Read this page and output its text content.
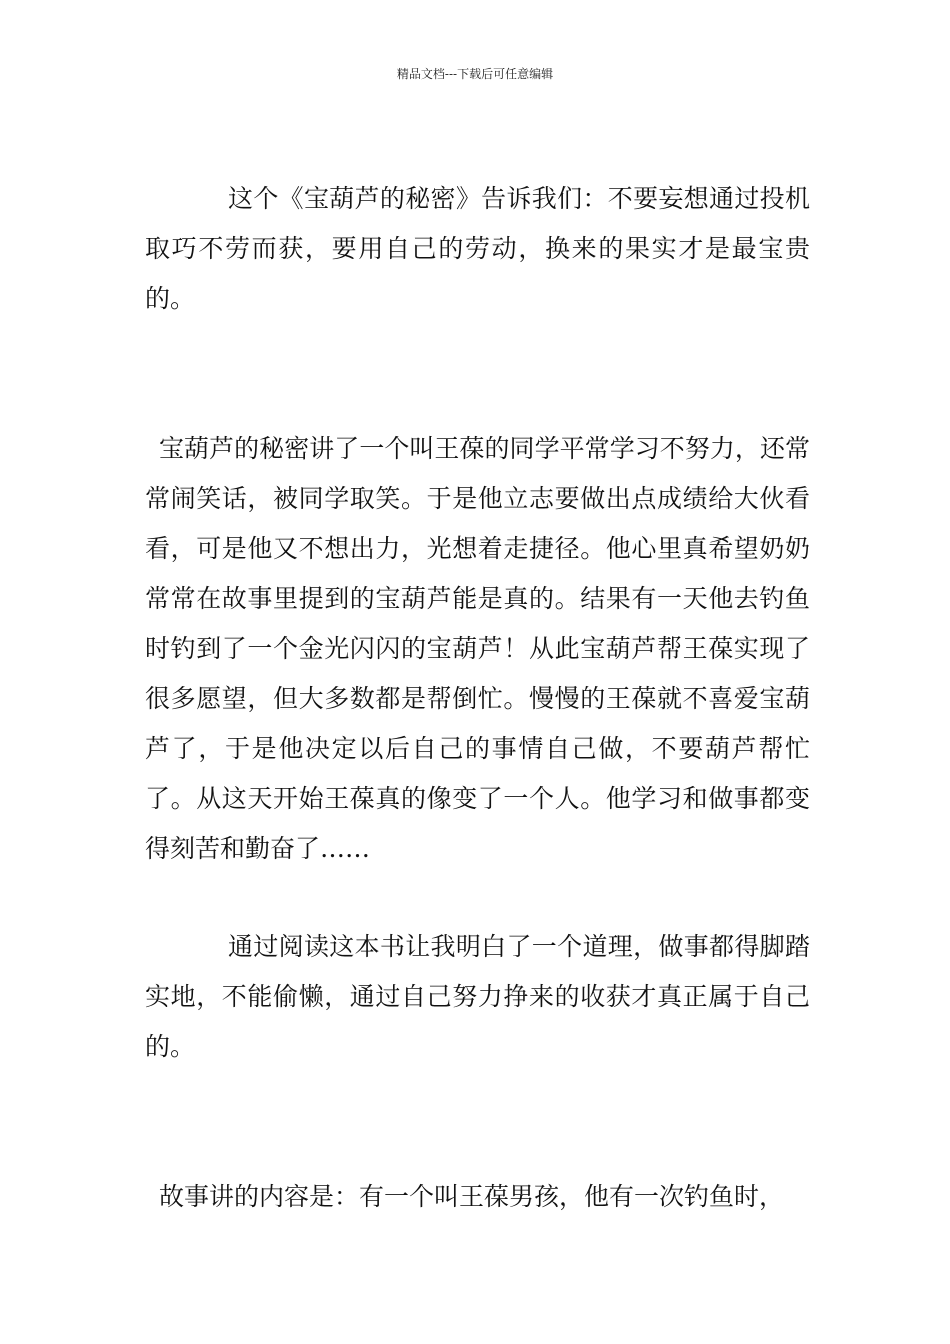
精品文档---下载后可任意编辑

这个《宝葫芦的秘密》告诉我们：不要妄想通过投机取巧不劳而获，要用自己的劳动，换来的果实才是最宝贵的。

宝葫芦的秘密讲了一个叫王葆的同学平常学习不努力，还常常闹笑话，被同学取笑。于是他立志要做出点成绩给大伙看看，可是他又不想出力，光想着走捷径。他心里真希望奶奶常常在故事里提到的宝葫芦能是真的。结果有一天他去钓鱼时钓到了一个金光闪闪的宝葫芦！从此宝葫芦帮王葆实现了很多愿望，但大多数都是帮倒忙。慢慢的王葆就不喜爱宝葫芦了，于是他决定以后自己的事情自己做，不要葫芦帮忙了。从这天开始王葆真的像变了一个人。他学习和做事都变得刻苦和勤奋了……

通过阅读这本书让我明白了一个道理，做事都得脚踏实地，不能偷懒，通过自己努力挣来的收获才真正属于自己的。

故事讲的内容是：有一个叫王葆男孩，他有一次钓鱼时，
